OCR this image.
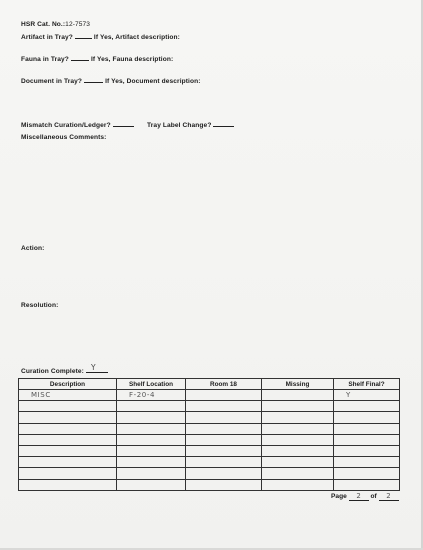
HSR Cat. No.:12-7573
Artifact in Tray?	If Yes, Artifact description:
Fauna in Tray?	If Yes, Fauna description:
Document in Tray?	If Yes, Document description:
Mismatch Curation/Ledger?	Tray Label Change?
Miscellaneous Comments:
Action:
Resolution:
Curation Complete: Y
Description	Shelf Location	Room 18	Missing	Shelf Final?

MISC	F-20-4			Y

Page 2 of 2
